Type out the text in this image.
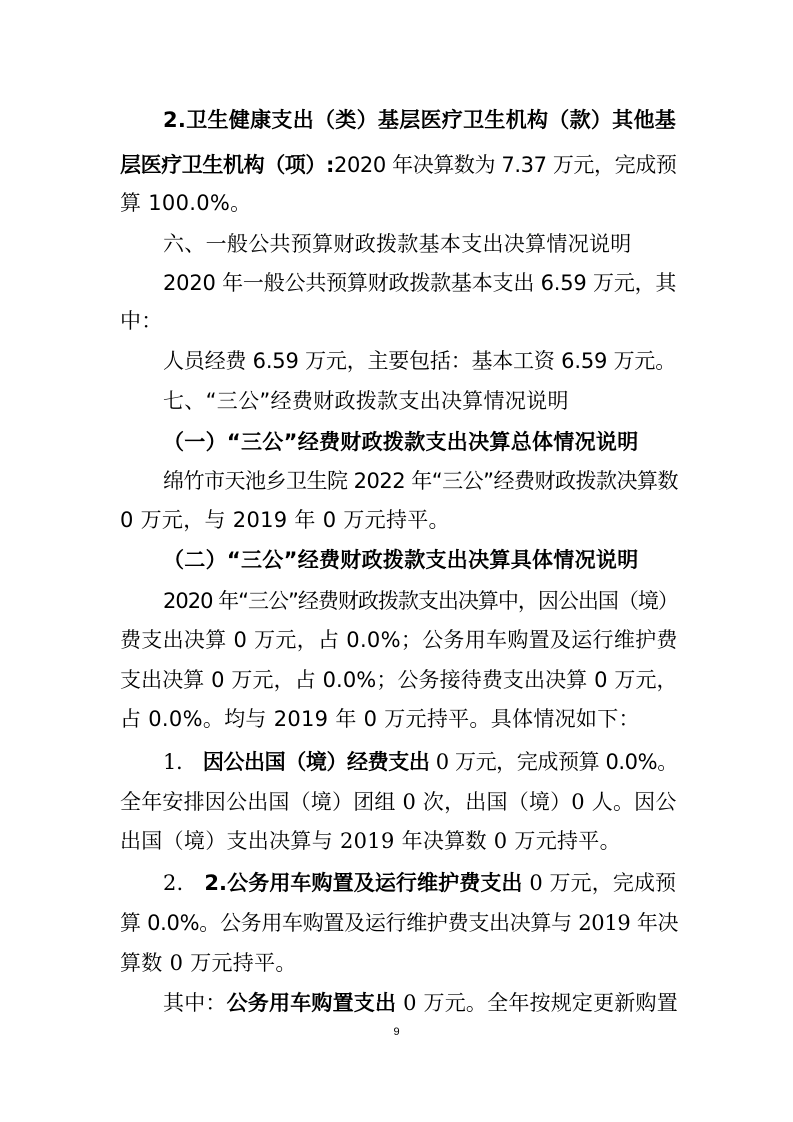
2.卫生健康支出（类）基层医疗卫生机构（款）其他基
层医疗卫生机构（项）:2020 年决算数为 7.37 万元，完成预
算 100.0%。
六、一般公共预算财政拨款基本支出决算情况说明
2020 年一般公共预算财政拨款基本支出 6.59 万元，其
中：
人员经费 6.59 万元，主要包括：基本工资 6.59 万元。
七、“三公”经费财政拨款支出决算情况说明
（一）“三公”经费财政拨款支出决算总体情况说明
绵竹市天池乡卫生院 2022 年“三公”经费财政拨款决算数
0 万元，与 2019 年 0 万元持平。
（二）“三公”经费财政拨款支出决算具体情况说明
2020 年“三公”经费财政拨款支出决算中，因公出国（境）
费支出决算 0 万元，占 0.0%；公务用车购置及运行维护费
支出决算 0 万元，占 0.0%；公务接待费支出决算 0 万元，
占 0.0%。均与 2019 年 0 万元持平。具体情况如下：
1.　因公出国（境）经费支出 0 万元，完成预算 0.0%。
全年安排因公出国（境）团组 0 次，出国（境）0 人。因公
出国（境）支出决算与 2019 年决算数 0 万元持平。
2.　2.公务用车购置及运行维护费支出 0 万元，完成预
算 0.0%。公务用车购置及运行维护费支出决算与 2019 年决
算数 0 万元持平。
其中：公务用车购置支出 0 万元。全年按规定更新购置
9
